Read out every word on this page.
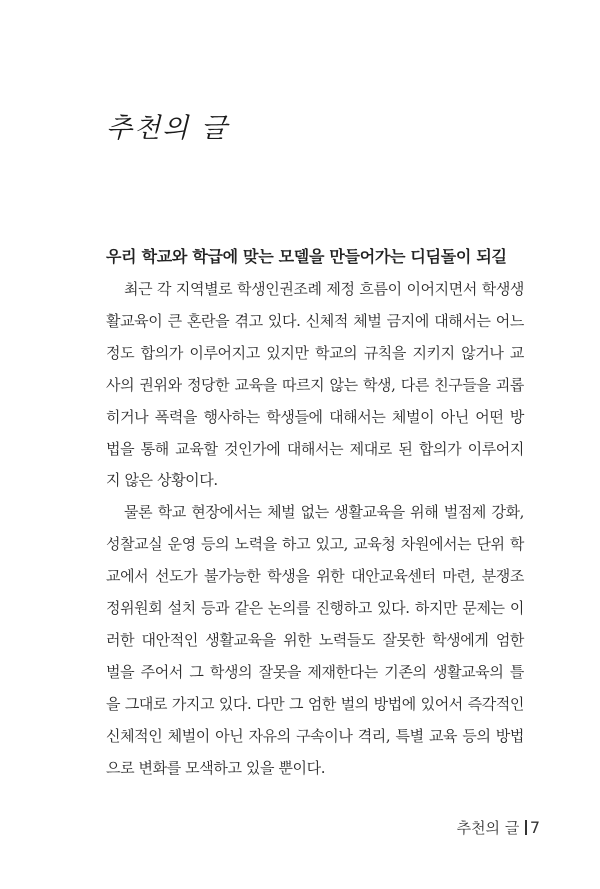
추천의 글
우리 학교와 학급에 맞는 모델을 만들어가는 디딤돌이 되길
최근 각 지역별로 학생인권조례 제정 흐름이 이어지면서 학생생
활교육이 큰 혼란을 겪고 있다. 신체적 체벌 금지에 대해서는 어느
정도 합의가 이루어지고 있지만 학교의 규칙을 지키지 않거나 교
사의 권위와 정당한 교육을 따르지 않는 학생, 다른 친구들을 괴롭
히거나 폭력을 행사하는 학생들에 대해서는 체벌이 아닌 어떤 방
법을 통해 교육할 것인가에 대해서는 제대로 된 합의가 이루어지
지 않은 상황이다.
물론 학교 현장에서는 체벌 없는 생활교육을 위해 벌점제 강화,
성찰교실 운영 등의 노력을 하고 있고, 교육청 차원에서는 단위 학
교에서 선도가 불가능한 학생을 위한 대안교육센터 마련, 분쟁조
정위원회 설치 등과 같은 논의를 진행하고 있다. 하지만 문제는 이
러한 대안적인 생활교육을 위한 노력들도 잘못한 학생에게 엄한
벌을 주어서 그 학생의 잘못을 제재한다는 기존의 생활교육의 틀
을 그대로 가지고 있다. 다만 그 엄한 벌의 방법에 있어서 즉각적인
신체적인 체벌이 아닌 자유의 구속이나 격리, 특별 교육 등의 방법
으로 변화를 모색하고 있을 뿐이다.
추천의 글 7
